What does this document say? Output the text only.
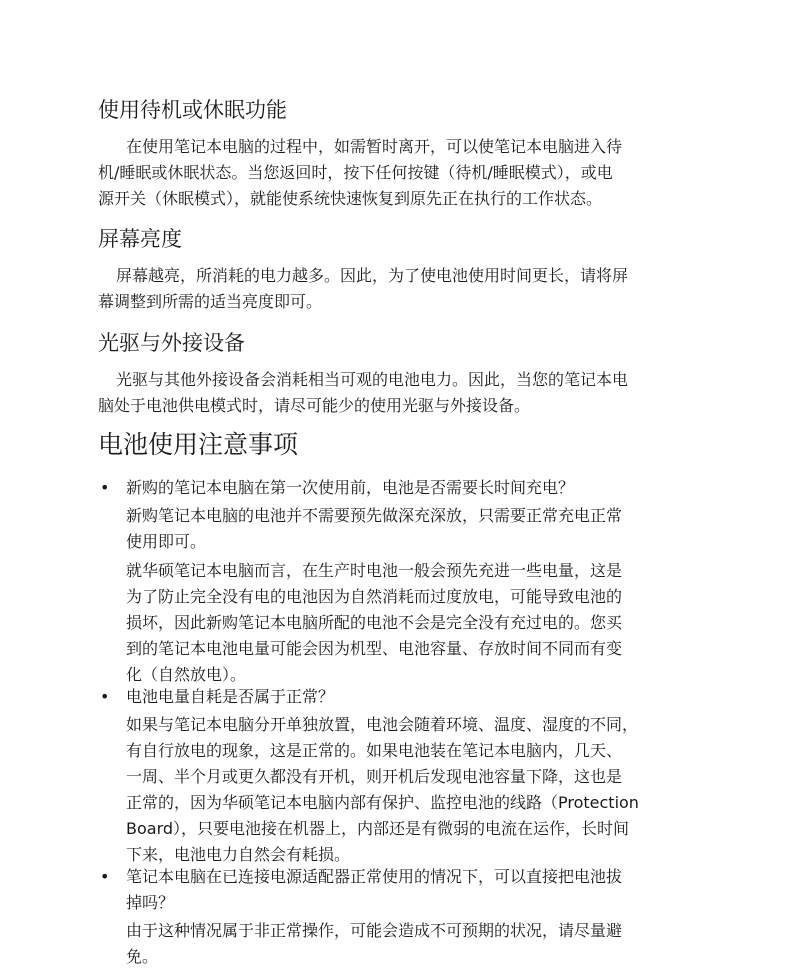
使用待机或休眠功能
在使用笔记本电脑的过程中，如需暂时离开，可以使笔记本电脑进入待
机/睡眠或休眠状态。当您返回时，按下任何按键（待机/睡眠模式），或电
源开关（休眠模式），就能使系统快速恢复到原先正在执行的工作状态。
屏幕亮度
屏幕越亮，所消耗的电力越多。因此，为了使电池使用时间更长，请将屏
幕调整到所需的适当亮度即可。
光驱与外接设备
光驱与其他外接设备会消耗相当可观的电池电力。因此，当您的笔记本电
脑处于电池供电模式时，请尽可能少的使用光驱与外接设备。
电池使用注意事项
• 新购的笔记本电脑在第一次使用前，电池是否需要长时间充电？
新购笔记本电脑的电池并不需要预先做深充深放，只需要正常充电正常
使用即可。
就华硕笔记本电脑而言，在生产时电池一般会预先充进一些电量，这是
为了防止完全没有电的电池因为自然消耗而过度放电，可能导致电池的
损坏，因此新购笔记本电脑所配的电池不会是完全没有充过电的。您买
到的笔记本电池电量可能会因为机型、电池容量、存放时间不同而有变
化（自然放电）。
• 电池电量自耗是否属于正常？
如果与笔记本电脑分开单独放置，电池会随着环境、温度、湿度的不同，
有自行放电的现象，这是正常的。如果电池装在笔记本电脑内，几天、
一周、半个月或更久都没有开机，则开机后发现电池容量下降，这也是
正常的，因为华硕笔记本电脑内部有保护、监控电池的线路（Protection
Board），只要电池接在机器上，内部还是有微弱的电流在运作，长时间
下来，电池电力自然会有耗损。
• 笔记本电脑在已连接电源适配器正常使用的情况下，可以直接把电池拔
掉吗？
由于这种情况属于非正常操作，可能会造成不可预期的状况，请尽量避
免。
